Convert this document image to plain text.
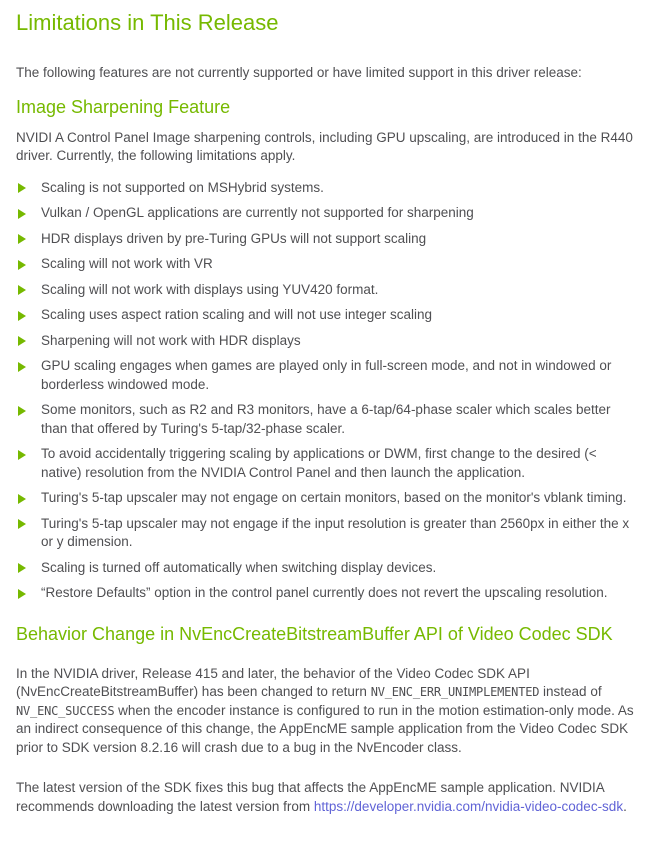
Limitations in This Release

The following features are not currently supported or have limited support in this driver release:

Image Sharpening Feature

NVIDI A Control Panel Image sharpening controls, including GPU upscaling, are introduced in the R440 driver. Currently, the following limitations apply.

Scaling is not supported on MSHybrid systems.
Vulkan / OpenGL applications are currently not supported for sharpening
HDR displays driven by pre-Turing GPUs will not support scaling
Scaling will not work with VR
Scaling will not work with displays using YUV420 format.
Scaling uses aspect ration scaling and will not use integer scaling
Sharpening will not work with HDR displays
GPU scaling engages when games are played only in full-screen mode, and not in windowed or borderless windowed mode.
Some monitors, such as R2 and R3 monitors, have a 6-tap/64-phase scaler which scales better than that offered by Turing's 5-tap/32-phase scaler.
To avoid accidentally triggering scaling by applications or DWM, first change to the desired (< native) resolution from the NVIDIA Control Panel and then launch the application.
Turing's 5-tap upscaler may not engage on certain monitors, based on the monitor's vblank timing.
Turing's 5-tap upscaler may not engage if the input resolution is greater than 2560px in either the x or y dimension.
Scaling is turned off automatically when switching display devices.
“Restore Defaults” option in the control panel currently does not revert the upscaling resolution.
Behavior Change in NvEncCreateBitstreamBuffer API of Video Codec SDK

In the NVIDIA driver, Release 415 and later, the behavior of the Video Codec SDK API (NvEncCreateBitstreamBuffer) has been changed to return NV_ENC_ERR_UNIMPLEMENTED instead of NV_ENC_SUCCESS when the encoder instance is configured to run in the motion estimation-only mode. As an indirect consequence of this change, the AppEncME sample application from the Video Codec SDK prior to SDK version 8.2.16 will crash due to a bug in the NvEncoder class.

The latest version of the SDK fixes this bug that affects the AppEncME sample application. NVIDIA recommends downloading the latest version from https://developer.nvidia.com/nvidia-video-codec-sdk.
